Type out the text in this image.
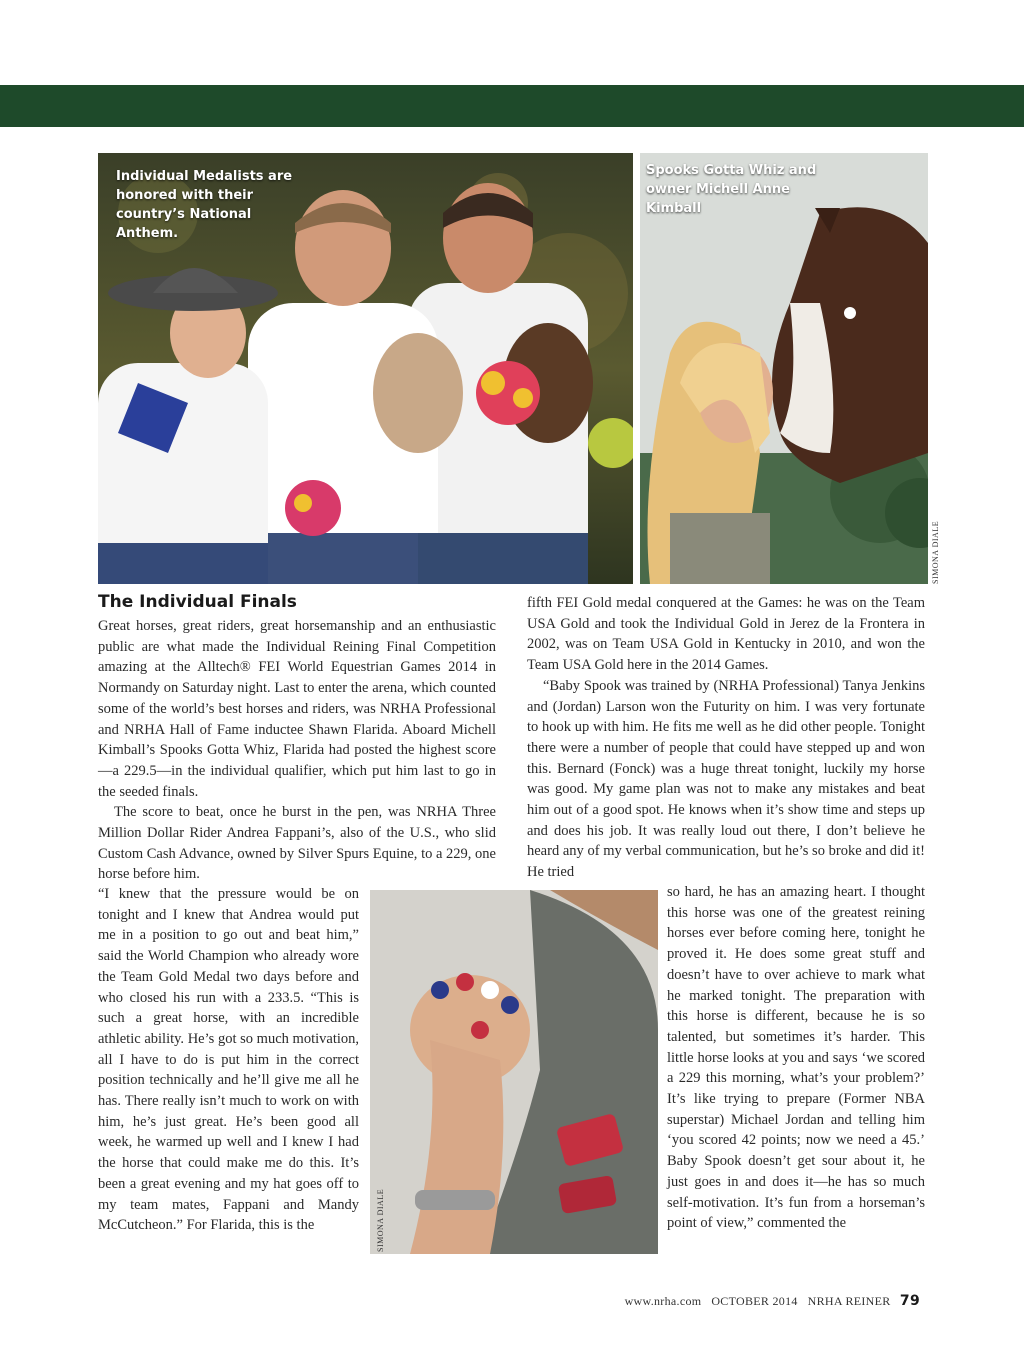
Individual Medalists are honored with their country’s National Anthem.
Spooks Gotta Whiz and owner Michell Anne Kimball
SIMONA DIALE
The Individual Finals

Great horses, great riders, great horsemanship and an enthusiastic public are what made the Individual Reining Final Competition amazing at the Alltech® FEI World Equestrian Games 2014 in Normandy on Saturday night. Last to enter the arena, which counted some of the world’s best horses and riders, was NRHA Professional and NRHA Hall of Fame inductee Shawn Flarida. Aboard Michell Kimball’s Spooks Gotta Whiz, Flarida had posted the highest score—a 229.5—in the individual qualifier, which put him last to go in the seeded finals.

The score to beat, once he burst in the pen, was NRHA Three Million Dollar Rider Andrea Fappani’s, also of the U.S., who slid Custom Cash Advance, owned by Silver Spurs Equine, to a 229, one horse before him.

“I knew that the pressure would be on tonight and I knew that Andrea would put me in a position to go out and beat him,” said the World Champion who already wore the Team Gold Medal two days before and who closed his run with a 233.5. “This is such a great horse, with an incredible athletic ability. He’s got so much motivation, all I have to do is put him in the correct position technically and he’ll give me all he has. There really isn’t much to work on with him, he’s just great. He’s been good all week, he warmed up well and I knew I had the horse that could make me do this. It’s been a great evening and my hat goes off to my team mates, Fappani and Mandy McCutcheon.” For Flarida, this is the

fifth FEI Gold medal conquered at the Games: he was on the Team USA Gold and took the Individual Gold in Jerez de la Frontera in 2002, was on Team USA Gold in Kentucky in 2010, and won the Team USA Gold here in the 2014 Games.

“Baby Spook was trained by (NRHA Professional) Tanya Jenkins and (Jordan) Larson won the Futurity on him. I was very fortunate to hook up with him. He fits me well as he did other people. Tonight there were a number of people that could have stepped up and won this. Bernard (Fonck) was a huge threat tonight, luckily my horse was good. My game plan was not to make any mistakes and beat him out of a good spot. He knows when it’s show time and steps up and does his job. It was really loud out there, I don’t believe he heard any of my verbal communication, but he’s so broke and did it! He tried

so hard, he has an amazing heart. I thought this horse was one of the greatest reining horses ever before coming here, tonight he proved it. He does some great stuff and doesn’t have to over achieve to mark what he marked tonight. The preparation with this horse is different, because he is so talented, but sometimes it’s harder. This little horse looks at you and says ‘we scored a 229 this morning, what’s your problem?’ It’s like trying to prepare (Former NBA superstar) Michael Jordan and telling him ‘you scored 42 points; now we need a 45.’ Baby Spook doesn’t get sour about it, he just goes in and does it—he has so much self-motivation. It’s fun from a horseman’s point of view,” commented the

SIMONA DIALE
www.nrha.com OCTOBER 2014 NRHA REINER 79
